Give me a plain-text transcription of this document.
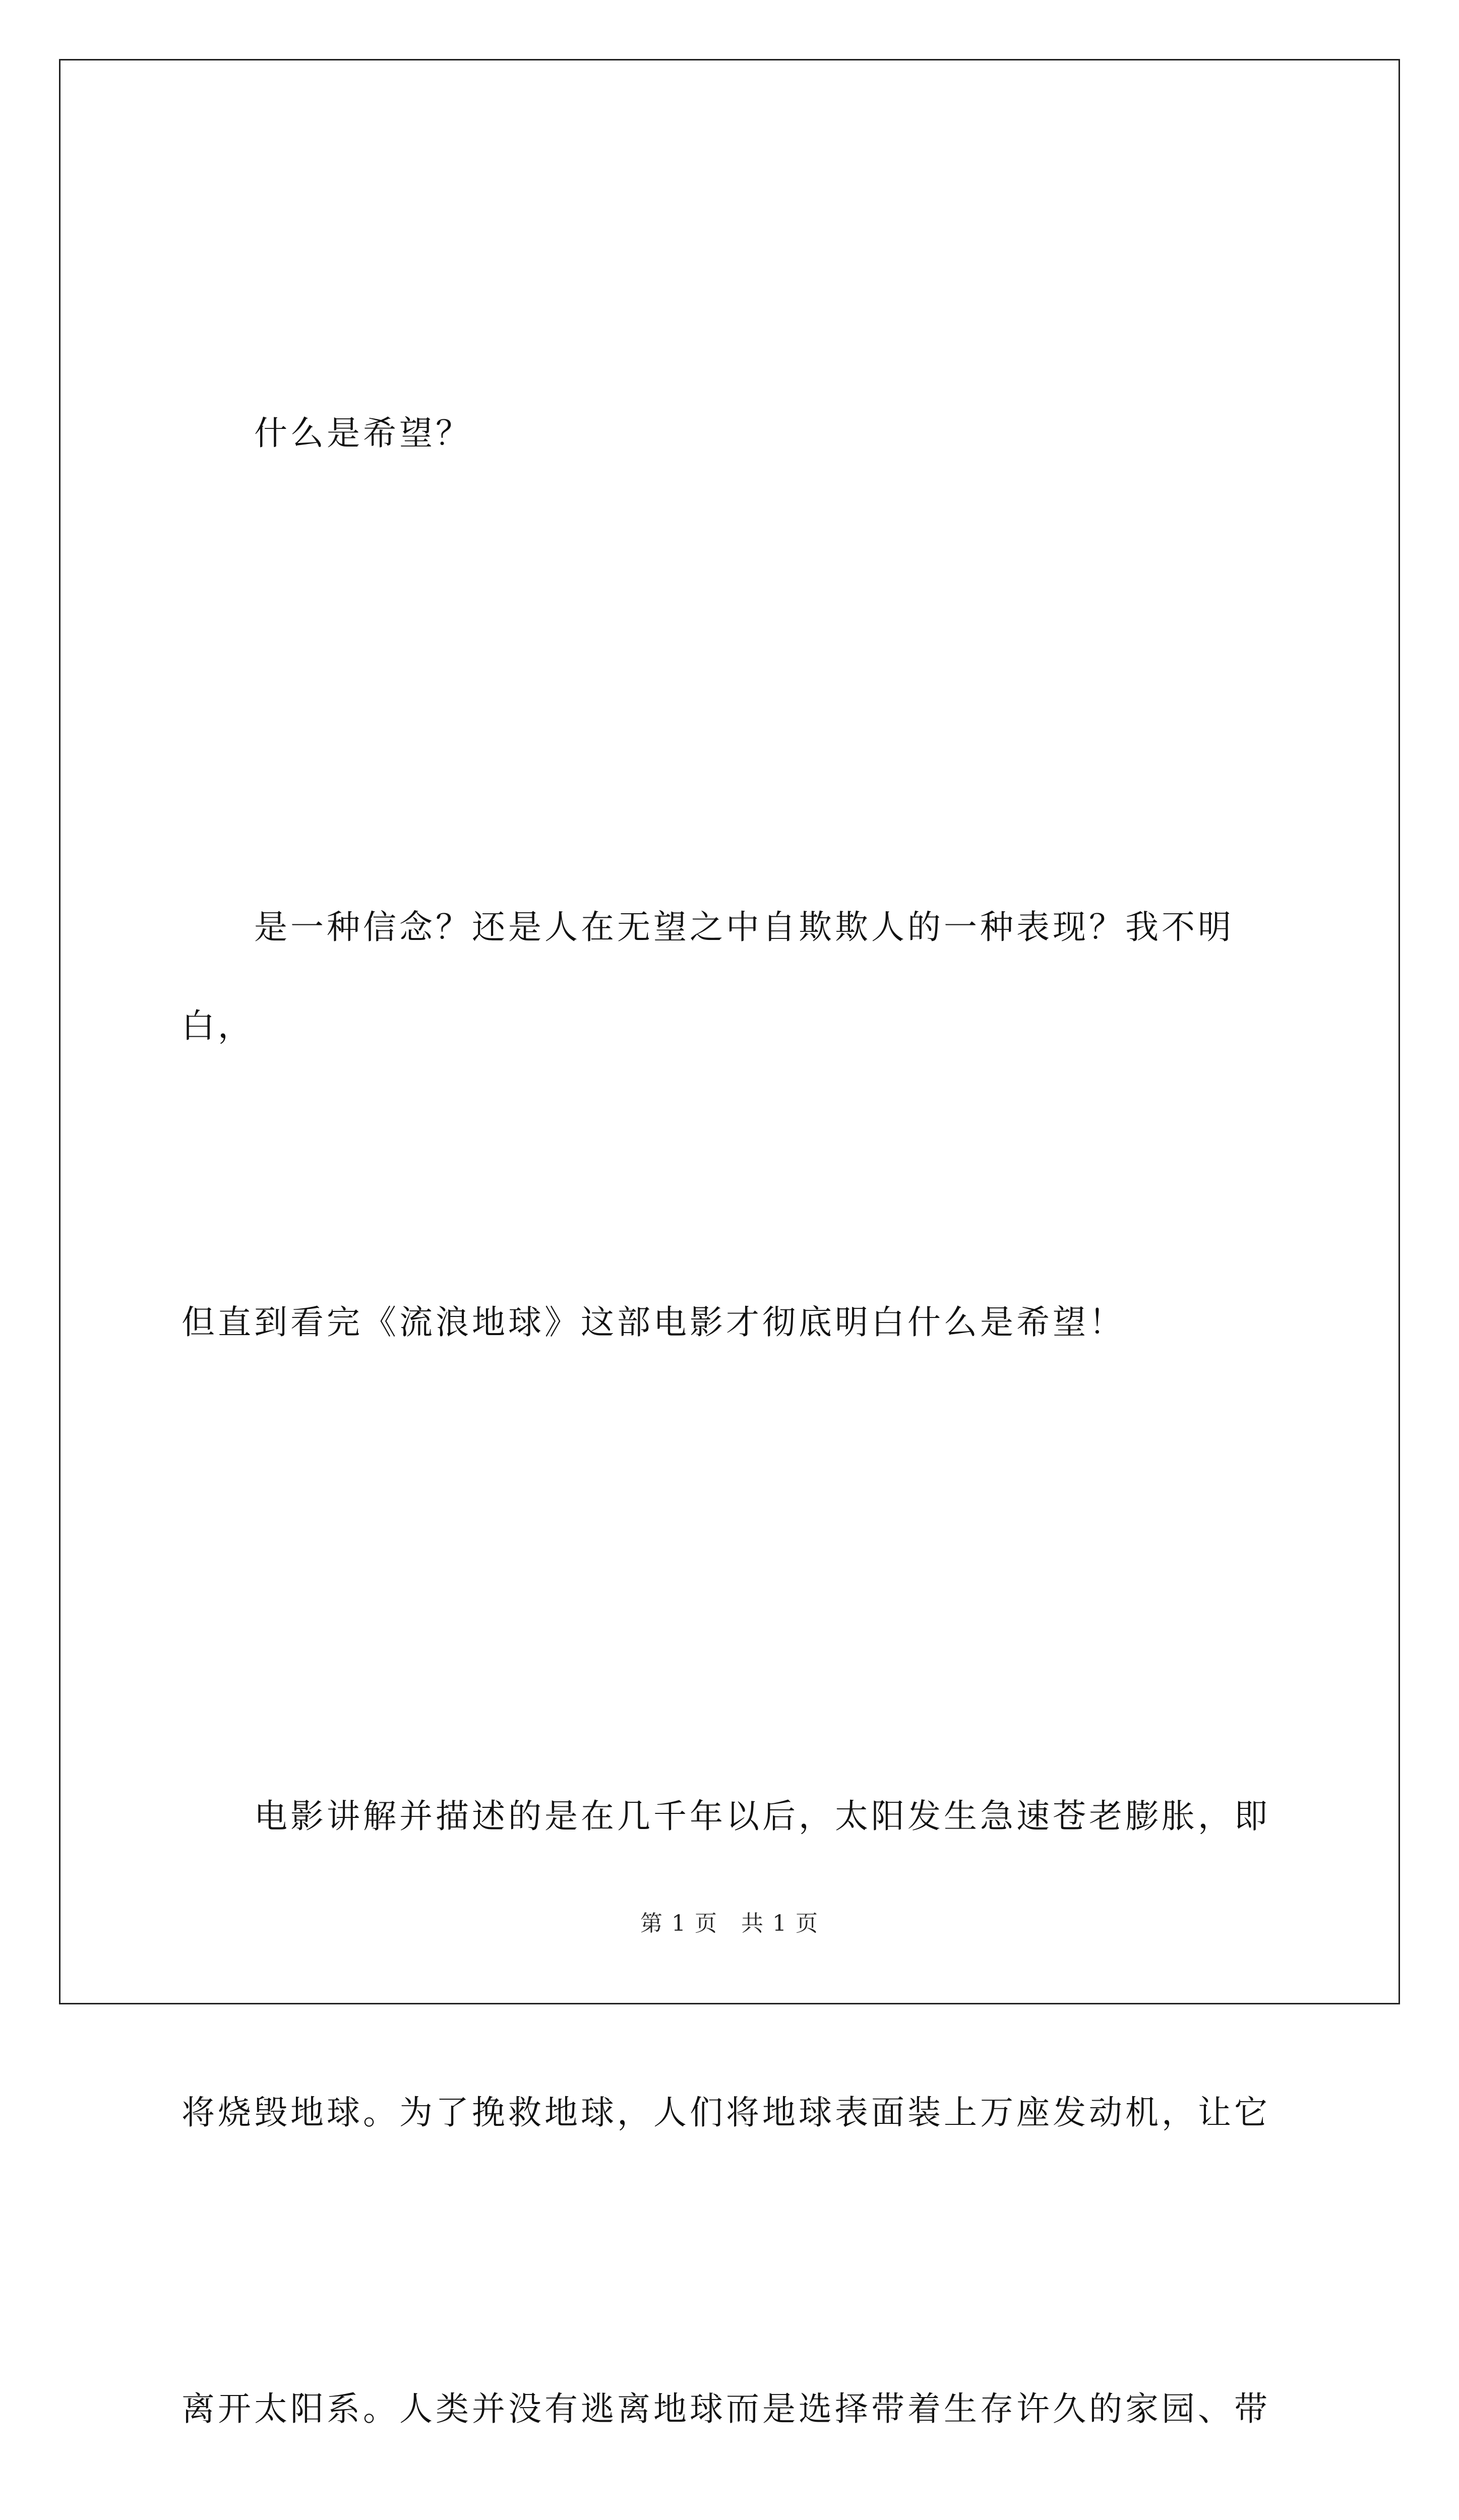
什么是希望？

是一种信念？还是人在无望之中自欺欺人的一种表现？我不明白，

但直到看完《流浪地球》这部电影才彻底明白什么是希望！

电影讲解并描述的是在几千年以后，太阳发生急速苍老膨胀，即

将烧毁地球。为了挽救地球，人们将地球表面装上万座发动机，让它

离开太阳系。人类并没有逃离地球而是选择带着生存许久的家园、带

第 1 页　共 1 页
